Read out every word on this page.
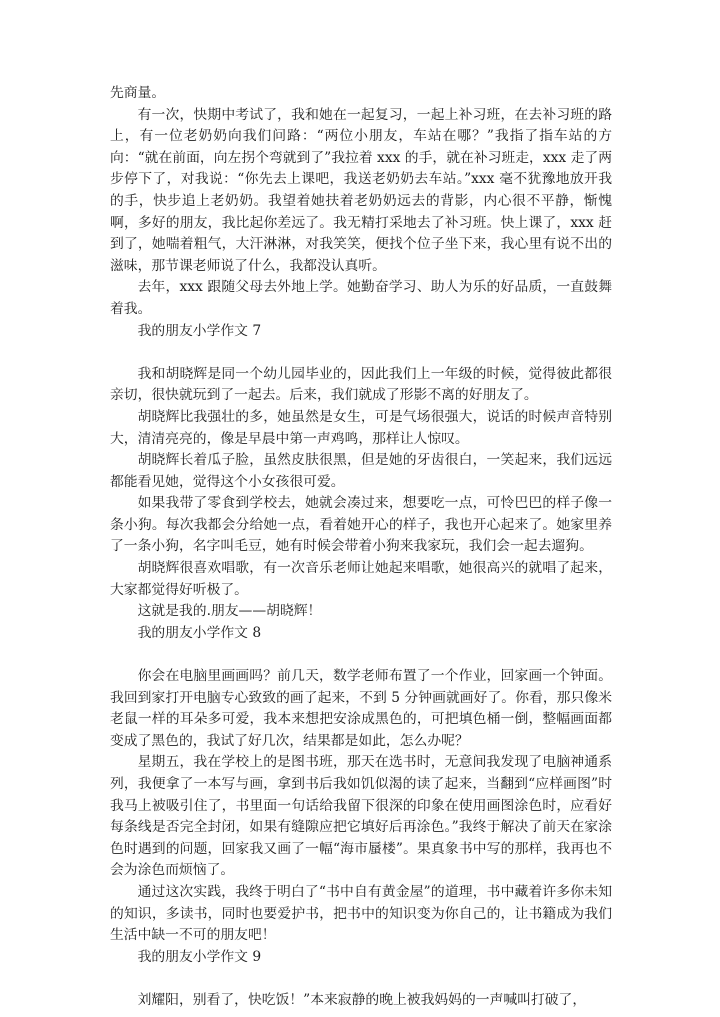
先商量。

有一次，快期中考试了，我和她在一起复习，一起上补习班，在去补习班的路上，有一位老奶奶向我们问路：“两位小朋友，车站在哪？”我指了指车站的方向：“就在前面，向左拐个弯就到了”我拉着 xxx 的手，就在补习班走，xxx 走了两步停下了，对我说：“你先去上课吧，我送老奶奶去车站。”xxx 毫不犹豫地放开我的手，快步追上老奶奶。我望着她扶着老奶奶远去的背影，内心很不平静，惭愧啊，多好的朋友，我比起你差远了。我无精打采地去了补习班。快上课了，xxx 赶到了，她喘着粗气，大汗淋淋，对我笑笑，便找个位子坐下来，我心里有说不出的滋味，那节课老师说了什么，我都没认真听。

去年，xxx 跟随父母去外地上学。她勤奋学习、助人为乐的好品质，一直鼓舞着我。

我的朋友小学作文 7

我和胡晓辉是同一个幼儿园毕业的，因此我们上一年级的时候，觉得彼此都很亲切，很快就玩到了一起去。后来，我们就成了形影不离的好朋友了。

胡晓辉比我强壮的多，她虽然是女生，可是气场很强大，说话的时候声音特别大，清清亮亮的，像是早晨中第一声鸡鸣，那样让人惊叹。

胡晓辉长着瓜子脸，虽然皮肤很黑，但是她的牙齿很白，一笑起来，我们远远都能看见她，觉得这个小女孩很可爱。

如果我带了零食到学校去，她就会凑过来，想要吃一点，可怜巴巴的样子像一条小狗。每次我都会分给她一点，看着她开心的样子，我也开心起来了。她家里养了一条小狗，名字叫毛豆，她有时候会带着小狗来我家玩，我们会一起去遛狗。

胡晓辉很喜欢唱歌，有一次音乐老师让她起来唱歌，她很高兴的就唱了起来，大家都觉得好听极了。

这就是我的.朋友——胡晓辉！

我的朋友小学作文 8

你会在电脑里画画吗？前几天，数学老师布置了一个作业，回家画一个钟面。我回到家打开电脑专心致致的画了起来，不到 5 分钟画就画好了。你看，那只像米老鼠一样的耳朵多可爱，我本来想把安涂成黑色的，可把填色桶一倒，整幅画面都变成了黑色的，我试了好几次，结果都是如此，怎么办呢？

星期五，我在学校上的是图书班，那天在选书时，无意间我发现了电脑神通系列，我便拿了一本写与画，拿到书后我如饥似渴的读了起来，当翻到“应样画图”时我马上被吸引住了，书里面一句话给我留下很深的印象在使用画图涂色时，应看好每条线是否完全封闭，如果有缝隙应把它填好后再涂色。”我终于解决了前天在家涂色时遇到的问题，回家我又画了一幅“海市蜃楼”。果真象书中写的那样，我再也不会为涂色而烦恼了。

通过这次实践，我终于明白了“书中自有黄金屋”的道理，书中藏着许多你未知的知识，多读书，同时也要爱护书，把书中的知识变为你自己的，让书籍成为我们生活中缺一不可的朋友吧！

我的朋友小学作文 9

刘耀阳，别看了，快吃饭！”本来寂静的晚上被我妈妈的一声喊叫打破了，
